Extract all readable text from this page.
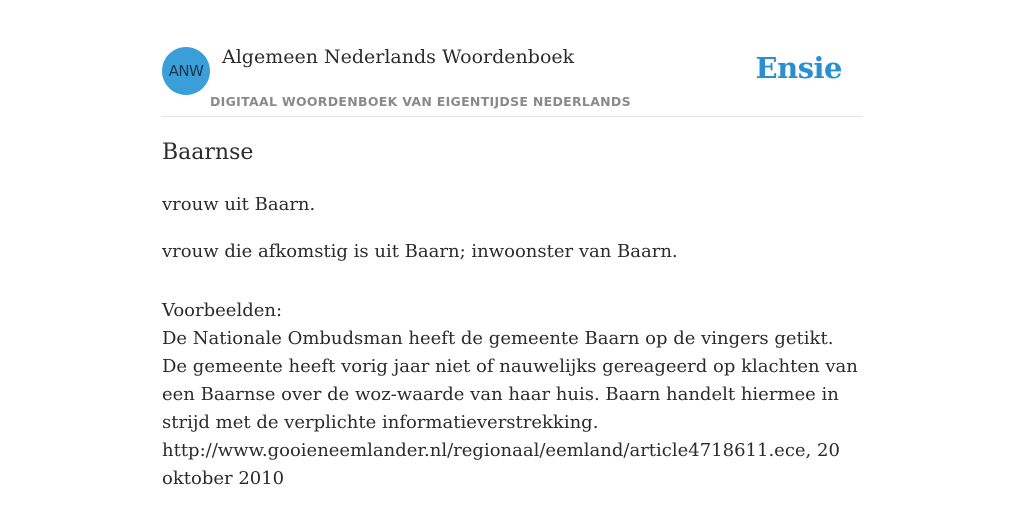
ANW
Algemeen Nederlands Woordenboek
DIGITAAL WOORDENBOEK VAN EIGENTIJDSE NEDERLANDS
Ensie
Baarnse
vrouw uit Baarn.
vrouw die afkomstig is uit Baarn; inwoonster van Baarn.
Voorbeelden:
De Nationale Ombudsman heeft de gemeente Baarn op de vingers getikt. De gemeente heeft vorig jaar niet of nauwelijks gereageerd op klachten van een Baarnse over de woz-waarde van haar huis. Baarn handelt hiermee in strijd met de verplichte informatieverstrekking.
http://www.gooieneemlander.nl/regionaal/eemland/article4718611.ece, 20 oktober 2010
